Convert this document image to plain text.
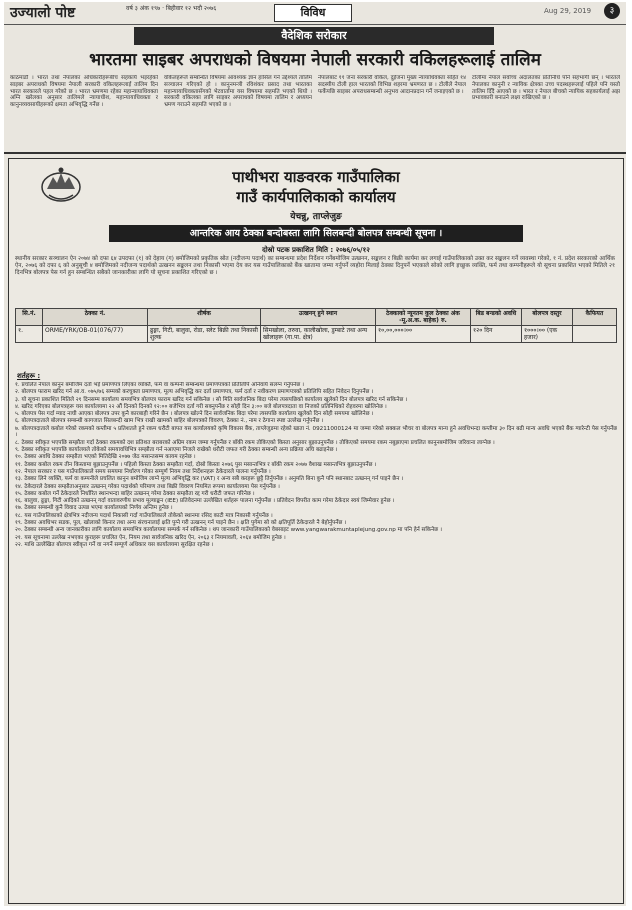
उज्यालो पोष्ट	वर्ष ३ अंक १९७ · बिहीवार १२ भदौ २०७६	विविध	Aug 29, 2019	३
वैदेशिक सरोकार
भारतमा साइबर अपराधको विषयमा नेपाली सरकारी वकिलहरूलाई तालिम
काठमाडौं । भारत तथा नेपालका अधिकारीहरूबीच सहकार्य भइरहेको साइबर अपराधको विषयमा नेपाली सरकारी वकिलहरूलाई तालिम दिन भारत सरकारले पहल गरेको छ । भारत भ्रमणमा रहेका महान्यायाधिवक्ता अग्नि खरेलका अनुसार तालिमले न्यायाधीश, महान्यायाधिवक्ता र कानुनव्यवसायीहरूको क्षमता अभिवृद्धि गर्नेछ ।
वकिलहरूले सम्बन्धित विषयमा आवश्यक ज्ञान हासिल गर्ने उद्देश्यले तालिम सञ्चालन गरिएको हो । कानुनमन्त्री रविशंकर प्रसाद तथा भारतका महान्यायाधिवक्तासँगको भेटवार्तामा यस विषयमा सहमति भएको थियो । सरकारी वकिलका लागि साइबर अपराधको विषयमा तालिम र अध्ययन भ्रमण गराउने सहमति भएको छ ।
नेपालबाट ११ जना सरकारी वकिल, दुईजना मुख्य न्यायाधिवक्ता सहित १४ सदस्यीय टोली हाल भारतको विभिन्न शहरमा भ्रमणरत छ । टोलीले नेपाल फर्केपछि साइबर अपराधसम्बन्धी अनुभव आदानप्रदान गर्ने जनाइएको छ ।
टोलीमा नेपाल सर्वोच्च अदालतका प्रतिनिधि पनि सहभागी छन् । भारतले नेपालका कानुनी र न्यायिक क्षेत्रका उच्च पदस्थहरूलाई पहिले पनि यस्तो तालिम दिँदै आएको छ । भारत र नेपाल बीचको न्यायिक सहकार्यलाई अझ प्रभावकारी बनाउने लक्ष्य राखिएको छ ।
पाथीभरा याङवरक गाउँपालिका
गाउँ कार्यपालिकाको कार्यालय
येचन्नु, ताप्लेजुङ
आन्तरिक आय ठेक्का बन्दोबस्ता लागि सिलबन्दी बोलपत्र सम्बन्धी सूचना ।
दोस्रो पटक प्रकाशित मिति : २०७६/०५/१२
स्थानीय सरकार सञ्चालन ऐन २०७४ को दफा ६४ उपदफा (१) को देहाय (ग) बमोजिमको प्रकृतिक स्रोत (नदीजन्य पदार्थ) का सम्बन्धमा प्रदेश निर्देशन गर्नेबमोजिम उत्खनन, सङ्कलन र बिक्री कार्यमा कर लगाई गाउँपालिकाको उक्त कर सङ्कलन गर्ने व्यवस्था गरेको, १ नं. प्रदेश सरकारको आर्थिक ऐन, २०७६ को दफा ६ को अनुसूची ४ बमोजिमको नदीजन्य पदार्थको उत्खनन सङ्कलन तथा निकासी भएमा देय कर यस गाउँपालिकाको बैंक खातामा जम्मा गर्नुपर्ने व्यहोरा मिलाई ठेक्का दिनुपर्ने भएकाले सोको लागि इच्छुक व्यक्ति, फर्म तथा कम्पनीहरूले यो सूचना प्रकाशित भएको मितिले २१ दिनभित्र बोलपत्र पेस गर्न हुन सम्बन्धित सबैको जानकारीका लागि यो सूचना प्रकाशित गरिएको छ ।
सि.नं.	ठेक्का नं.	शीर्षक	उत्खनन् हुने स्थान	ठेक्काको न्यूनतम कुल ठेक्का अंक -मू.अ.क. बाहेक) रु.	बिड बन्डको अवधि	बोलपत्र दस्तुर	कैफियत
१.	ORME/YRK/OB-01(076/77)	ढुङ्गा, गिटी, बालुवा, रोडा, स्लेट बिक्री तथा निकासी शुल्क	सिमखोला, तरुवा, कालीखोला, डुम्बाटे तथा अन्य खोलाहरू (गा.पा. क्षेत्र)	१०,००,०००।००	१२० दिन	१०००।०० (एक हजार)	
शर्तहरू :
१. प्रचलित नेपाल कानुन बमोजिम दर्ता भई प्रमाणपत्र लिएका व्यक्ति, फर्म वा कम्पनी सम्बन्धमा प्रमाणपत्रको प्रतिलिपि अनिवार्य संलग्न गर्नुपर्नेछ ।
२. बोलपत्र फाराम खरिद गर्न आ.व. ०७५/७६ सम्मको करचुक्ता प्रमाणपत्र, मूल्य अभिवृद्धि कर दर्ता प्रमाणपत्र, फर्म दर्ता र नवीकरण प्रमाणपत्रको प्रतिलिपि सहित निवेदन दिनुपर्नेछ ।
३. यो सूचना प्रकाशित मितिले २१ दिनसम्म कार्यालय समयभित्र बोलपत्र फाराम खरिद गर्न सकिनेछ । सो मिति सार्वजनिक बिदा परेमा त्यसपछिको कार्यालय खुलेको दिन बोलपत्र खरिद गर्न सकिनेछ ।
४. खरिद गरिएका बोलपत्रहरू यस कार्यालयमा २२ औं दिनको दिनको १२:०० बजेभित्र दर्ता गरी सक्नुपर्नेछ र सोही दिन ३:०० बजे बोलपत्रदाता वा निजको प्रतिनिधिको रोहवरमा खोलिनेछ ।
५. बोलपत्र पेस गर्दा म्याद नाघी आएका बोलपत्र उपर कुनै कारबाही गरिने छैन । बोलपत्र खोल्ने दिन सार्वजनिक बिदा परेमा त्यसपछि कार्यालय खुलेको दिन सोही समयमा खोलिनेछ ।
६. बोलपत्रदाताले बोलपत्र सम्बन्धी कागजात सिलबन्दी खाम भित्र राखी खामको बाहिर बोलपत्रको विवरण, ठेक्का नं., नाम र ठेगाना स्पष्ट उल्लेख गर्नुपर्नेछ ।
७. बोलपत्रदाताले कबोल गरेको रकमको कम्तीमा ५ प्रतिशतले हुने रकम धरौटी बापत यस कार्यालयको कृषि विकास बैंक, ताप्लेजुङमा रहेको खाता नं. 09211000124 मा जम्मा गरेको सक्कल भौचर वा बोलपत्र मान्य हुने अवधिभन्दा कम्तीमा ३० दिन बढी मान्य अवधि भएको बैंक ग्यारेन्टी पेस गर्नुपर्नेछ ।
८. ठेक्का स्वीकृत भएपछि सम्झौता गर्दा ठेक्का रकमको दश प्रतिशत बराबरको अग्रिम रकम जम्मा गर्नुपर्नेछ र बाँकी रकम तोकिएको किस्ता अनुसार बुझाउनुपर्नेछ । तोकिएको समयमा रकम नबुझाएमा प्रचलित कानुनबमोजिम जरिवाना लाग्नेछ ।
९. ठेक्का स्वीकृत भएपछि कार्यालयले तोकेको समयावधिभित्र सम्झौता गर्न नआएमा निजले राखेको धरौटी जफत गरी ठेक्का सम्बन्धी अन्य प्रक्रिया अघि बढाइनेछ ।
१०. ठेक्का अवधि ठेक्का सम्झौता भएको मितिदेखि २०७७ जेठ मसान्तसम्म कायम रहनेछ ।
११. ठेक्का कबोल रकम तीन किस्तामा बुझाउनुपर्नेछ । पहिलो किस्ता ठेक्का सम्झौता गर्दा, दोस्रो किस्ता २०७६ पुस मसान्तभित्र र बाँकी रकम २०७७ वैशाख मसान्तभित्र बुझाउनुपर्नेछ ।
१२. नेपाल सरकार र यस गाउँपालिकाले समय समयमा निर्धारण गरेका सम्पूर्ण नियम तथा निर्देशनहरू ठेकेदारले पालना गर्नुपर्नेछ ।
१३. ठेक्का लिने व्यक्ति, फर्म वा कम्पनीले प्रचलित कानुन बमोजिम लाग्ने मूल्य अभिवृद्धि कर (VAT) र अन्य सबै करहरू छुट्टै तिर्नुपर्नेछ । अनुमति बिना कुनै पनि स्थानबाट उत्खनन् गर्न पाइने छैन ।
१४. ठेकेदारले ठेक्का सम्झौताअनुसार उत्खनन् गरेका पदार्थको परिमाण तथा बिक्री विवरण नियमित रूपमा कार्यालयमा पेस गर्नुपर्नेछ ।
१५. ठेक्का कबोल गर्ने ठेकेदारले निर्धारित स्थानभन्दा बाहिर उत्खनन् गरेमा ठेक्का सम्झौता रद्द गरी धरौटी जफत गरिनेछ ।
१६. बालुवा, ढुङ्गा, गिटी आदिको उत्खनन् गर्दा वातावरणीय प्रभाव मूल्याङ्कन (IEE) प्रतिवेदनमा उल्लेखित शर्तहरू पालना गर्नुपर्नेछ । प्रतिवेदन विपरीत काम गरेमा ठेकेदार स्वयं जिम्मेवार हुनेछ ।
१७. ठेक्का सम्बन्धी कुनै विवाद उत्पन्न भएमा कार्यालयको निर्णय अन्तिम हुनेछ ।
१८. यस गाउँपालिकाको क्षेत्रभित्र नदीजन्य पदार्थ निकासी गर्दा गाउँपालिकाले तोकेको स्थानमा रसिद काटी मात्र निकासी गर्नुपर्नेछ ।
१९. ठेक्का अवधिभर सडक, पुल, खोलाको किनार तथा अन्य संरचनालाई क्षति पुग्ने गरी उत्खनन् गर्न पाइने छैन । क्षति पुगेमा सो को क्षतिपूर्ति ठेकेदारले नै बेहोर्नुपर्नेछ ।
२०. ठेक्का सम्बन्धी अन्य जानकारीका लागि कार्यालय समयभित्र कार्यालयमा सम्पर्क गर्न सकिनेछ । थप जानकारी गाउँपालिकाको वेबसाइट www.yangwarakmuntaplejung.gov.np मा पनि हेर्न सकिनेछ ।
२१. यस सूचनामा उल्लेख नभएका कुराहरू प्रचलित ऐन, नियम तथा सार्वजनिक खरिद ऐन, २०६३ र नियमावली, २०६४ बमोजिम हुनेछ ।
२२. माथि उल्लेखित बोलपत्र स्वीकृत गर्ने वा नगर्ने सम्पूर्ण अधिकार यस कार्यालयमा सुरक्षित रहनेछ ।
